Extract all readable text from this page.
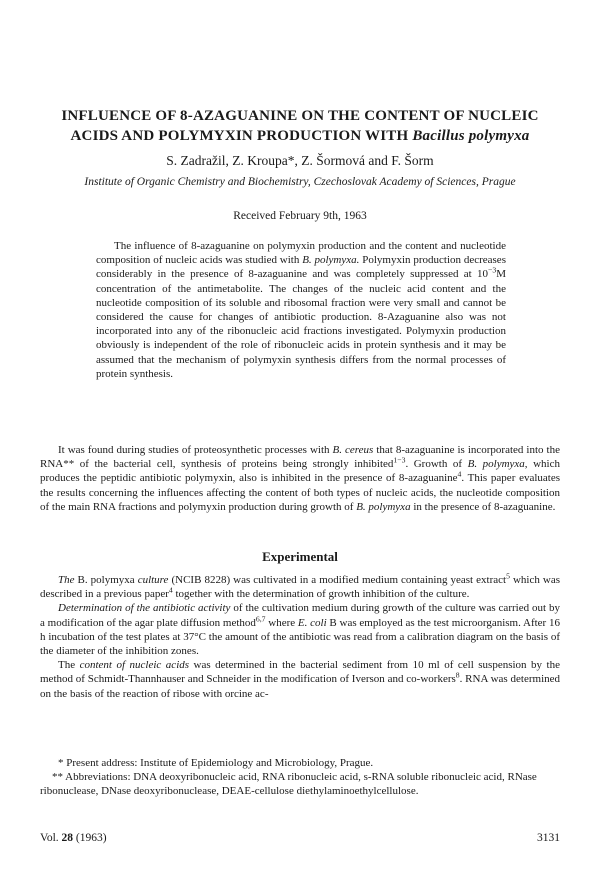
INFLUENCE OF 8-AZAGUANINE ON THE CONTENT OF NUCLEIC
ACIDS AND POLYMYXIN PRODUCTION WITH Bacillus polymyxa
S. Zadražil, Z. Kroupa*, Z. Šormová and F. Šorm
Institute of Organic Chemistry and Biochemistry, Czechoslovak Academy of Sciences, Prague
Received February 9th, 1963

The influence of 8-azaguanine on polymyxin production and the content and nucleotide composition of nucleic acids was studied with B. polymyxa. Polymyxin production decreases considerably in the presence of 8-azaguanine and was completely suppressed at $10^{-3}M$ concentration of the antimetabolite. The changes of the nucleic acid content and the nucleotide composition of its soluble and ribosomal fraction were very small and cannot be considered the cause for changes of antibiotic production. 8-Azaguanine also was not incorporated into any of the ribonucleic acid fractions investigated. Polymyxin production obviously is independent of the role of ribonucleic acids in protein synthesis and it may be assumed that the mechanism of polymyxin synthesis differs from the normal processes of protein synthesis.

It was found during studies of proteosynthetic processes with B. cereus that 8-azaguanine is incorporated into the RNA** of the bacterial cell, synthesis of proteins being strongly inhibited$^{1-3}$. Growth of B. polymyxa, which produces the peptidic antibiotic polymyxin, also is inhibited in the presence of 8-azaguanine$^4$. This paper evaluates the results concerning the influences affecting the content of both types of nucleic acids, the nucleotide composition of the main RNA fractions and polymyxin production during growth of B. polymyxa in the presence of 8-azaguanine.

Experimental

The B. polymyxa culture (NCIB 8228) was cultivated in a modified medium containing yeast extract$^5$ which was described in a previous paper$^4$ together with the determination of growth inhibition of the culture.

Determination of the antibiotic activity of the cultivation medium during growth of the culture was carried out by a modification of the agar plate diffusion method$^{6,7}$ where E. coli B was employed as the test microorganism. After 16 h incubation of the test plates at 37°C the amount of the antibiotic was read from a calibration diagram on the basis of the diameter of the inhibition zones.

The content of nucleic acids was determined in the bacterial sediment from 10 ml of cell suspension by the method of Schmidt-Thannhauser and Schneider in the modification of Iverson and co-workers$^8$. RNA was determined on the basis of the reaction of ribose with orcine ac-

* Present address: Institute of Epidemiology and Microbiology, Prague.

** Abbreviations: DNA deoxyribonucleic acid, RNA ribonucleic acid, s-RNA soluble ribonucleic acid, RNase ribonuclease, DNase deoxyribonuclease, DEAE-cellulose diethylaminoethylcellulose.

Vol. 28 (1963)	3131
